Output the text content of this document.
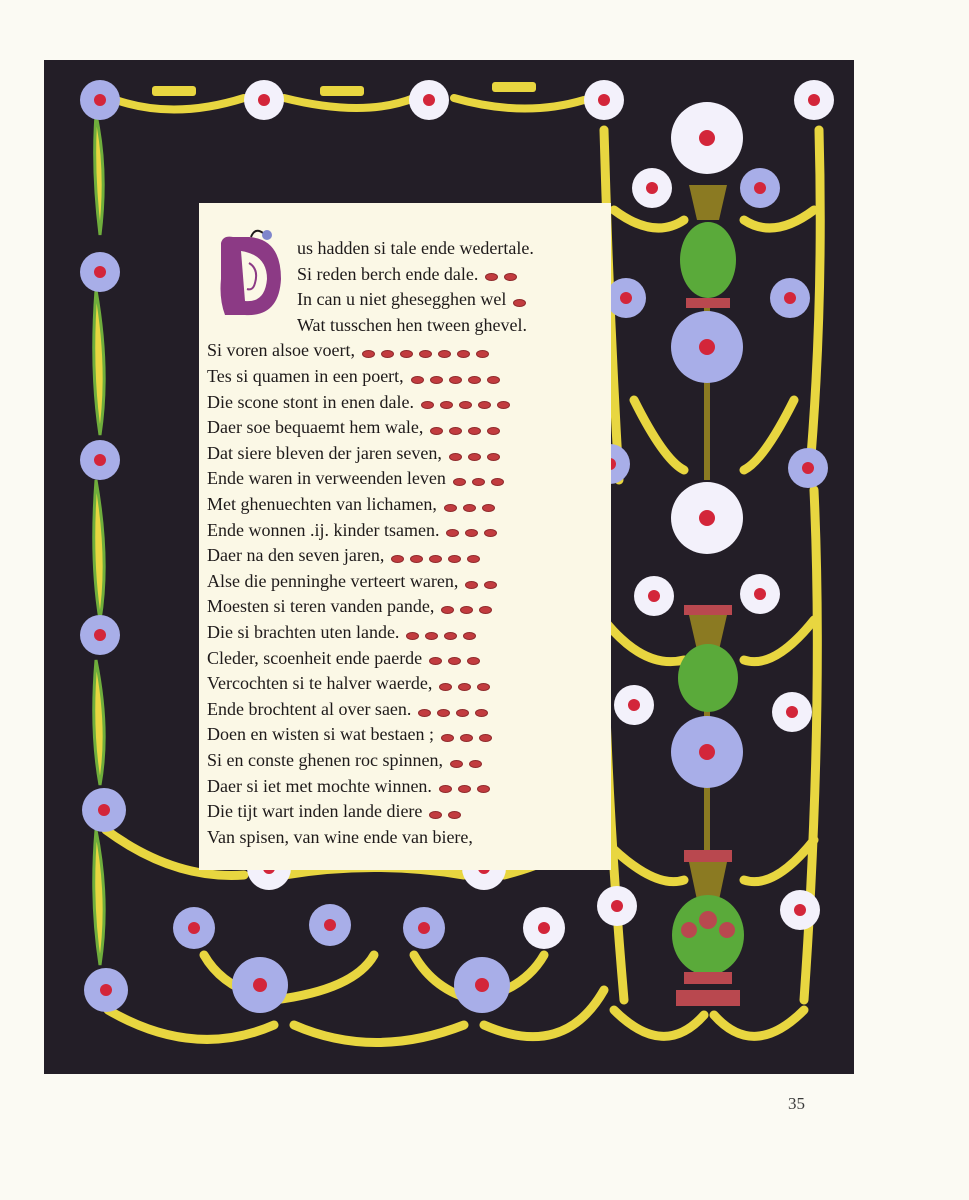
us hadden si tale ende wedertale.
Si reden berch ende dale.
In can u niet ghesegghen wel
Wat tusschen hen tween ghevel.
Si voren alsoe voert,
Tes si quamen in een poert,
Die scone stont in enen dale.
Daer soe bequaemt hem wale,
Dat siere bleven der jaren seven,
Ende waren in verweenden leven
Met ghenuechten van lichamen,
Ende wonnen .ij. kinder tsamen.
Daer na den seven jaren,
Alse die penninghe verteert waren,
Moesten si teren vanden pande,
Die si brachten uten lande.
Cleder, scoenheit ende paerde
Vercochten si te halver waerde,
Ende brochtent al over saen.
Doen en wisten si wat bestaen ;
Si en conste ghenen roc spinnen,
Daer si iet met mochte winnen.
Die tijt wart inden lande diere
Van spisen, van wine ende van biere,
35
